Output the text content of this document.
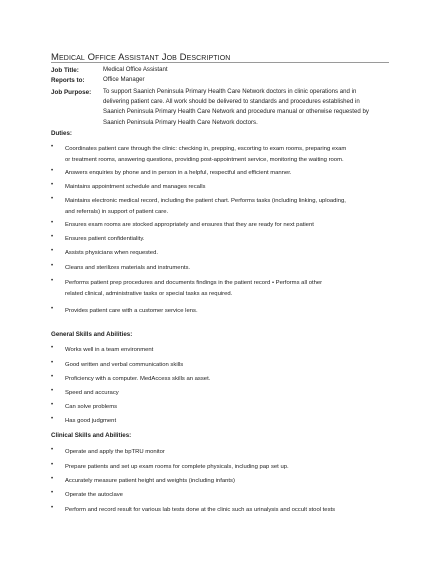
Medical Office Assistant Job Description
Job Title:	Medical Office Assistant
Reports to:	Office Manager
Job Purpose: To support Saanich Peninsula Primary Health Care Network doctors in clinic operations and in
delivering patient care. All work should be delivered to standards and procedures established in
Saanich Peninsula Primary Health Care Network and procedure manual or otherwise requested by
Saanich Peninsula Primary Health Care Network doctors.
Duties:
• Coordinates patient care through the clinic: checking in, prepping, escorting to exam rooms, preparing exam
or treatment rooms, answering questions, providing post-appointment service, monitoring the waiting room.
• Answers enquiries by phone and in person in a helpful, respectful and efficient manner.
• Maintains appointment schedule and manages recalls
• Maintains electronic medical record, including the patient chart. Performs tasks (including linking, uploading,
and referrals) in support of patient care.
• Ensures exam rooms are stocked appropriately and ensures that they are ready for next patient
• Ensures patient confidentiality.
• Assists physicians when requested.
• Cleans and sterilizes materials and instruments.
• Performs patient prep procedures and documents findings in the patient record • Performs all other
related clinical, administrative tasks or special tasks as required.
• Provides patient care with a customer service lens.
General Skills and Abilities:
• Works well in a team environment
• Good written and verbal communication skills
• Proficiency with a computer. MedAccess skills an asset.
• Speed and accuracy
• Can solve problems
• Has good judgment
Clinical Skills and Abilities:
• Operate and apply the bpTRU monitor
• Prepare patients and set up exam rooms for complete physicals, including pap set up.
• Accurately measure patient height and weights (including infants)
• Operate the autoclave
• Perform and record result for various lab tests done at the clinic such as urinalysis and occult stool tests
